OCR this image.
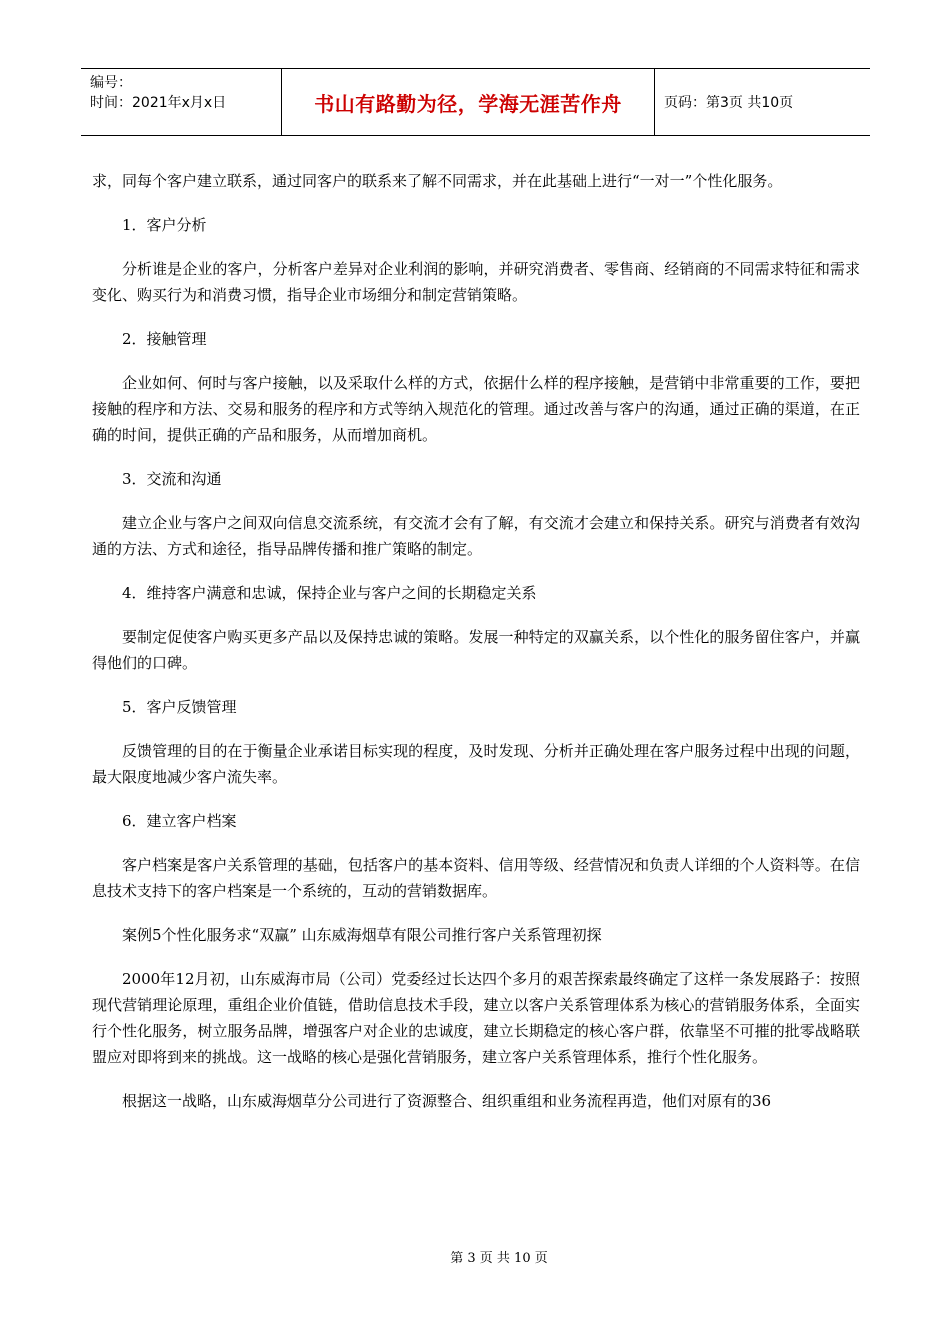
编号：
时间：2021年x月x日	书山有路勤为径，学海无涯苦作舟	页码：第3页 共10页

求，同每个客户建立联系，通过同客户的联系来了解不同需求，并在此基础上进行“一对一”个性化服务。

1．客户分析

分析谁是企业的客户，分析客户差异对企业利润的影响，并研究消费者、零售商、经销商的不同需求特征和需求变化、购买行为和消费习惯，指导企业市场细分和制定营销策略。

2．接触管理

企业如何、何时与客户接触，以及采取什么样的方式，依据什么样的程序接触，是营销中非常重要的工作，要把接触的程序和方法、交易和服务的程序和方式等纳入规范化的管理。通过改善与客户的沟通，通过正确的渠道，在正确的时间，提供正确的产品和服务，从而增加商机。

3．交流和沟通

建立企业与客户之间双向信息交流系统，有交流才会有了解，有交流才会建立和保持关系。研究与消费者有效沟通的方法、方式和途径，指导品牌传播和推广策略的制定。

4．维持客户满意和忠诚，保持企业与客户之间的长期稳定关系

要制定促使客户购买更多产品以及保持忠诚的策略。发展一种特定的双赢关系，以个性化的服务留住客户，并赢得他们的口碑。

5．客户反馈管理

反馈管理的目的在于衡量企业承诺目标实现的程度，及时发现、分析并正确处理在客户服务过程中出现的问题，最大限度地减少客户流失率。

6．建立客户档案

客户档案是客户关系管理的基础，包括客户的基本资料、信用等级、经营情况和负责人详细的个人资料等。在信息技术支持下的客户档案是一个系统的，互动的营销数据库。

案例5个性化服务求“双赢” 山东威海烟草有限公司推行客户关系管理初探

2000年12月初，山东威海市局（公司）党委经过长达四个多月的艰苦探索最终确定了这样一条发展路子：按照现代营销理论原理，重组企业价值链，借助信息技术手段，建立以客户关系管理体系为核心的营销服务体系，全面实行个性化服务，树立服务品牌，增强客户对企业的忠诚度，建立长期稳定的核心客户群，依靠坚不可摧的批零战略联盟应对即将到来的挑战。这一战略的核心是强化营销服务，建立客户关系管理体系，推行个性化服务。

根据这一战略，山东威海烟草分公司进行了资源整合、组织重组和业务流程再造，他们对原有的36

第 3 页 共 10 页
